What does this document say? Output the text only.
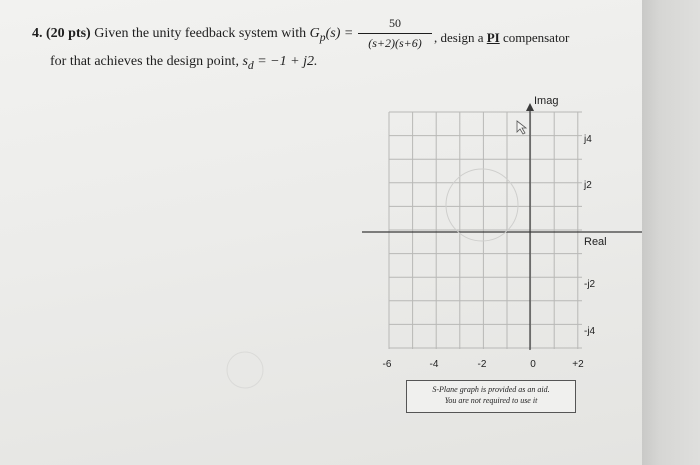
4. (20 pts) Given the unity feedback system with $G_p(s)$ =
50
(s+2)(s+6) , design a PI compensator
for that achieves the design point, $s_d = -1 + j2$.
Imag
Real
j4
j2
-j2
-j4
-6	-4	-2	0	+2
S-Plane graph is provided as an aid.
You are not required to use it
